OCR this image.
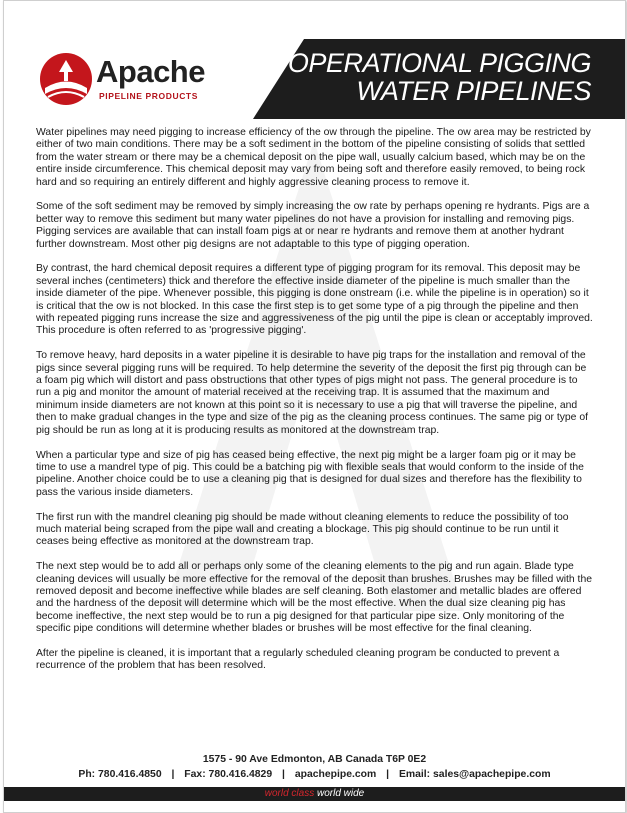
Apache
PIPELINE PRODUCTS
OPERATIONAL PIGGING
WATER PIPELINES

Water pipelines may need pigging to increase efficiency of the ow through the pipeline. The ow area may be restricted by either of two main conditions. There may be a soft sediment in the bottom of the pipeline consisting of solids that settled from the water stream or there may be a chemical deposit on the pipe wall, usually calcium based, which may be on the entire inside circumference. This chemical deposit may vary from being soft and therefore easily removed, to being rock hard and so requiring an entirely different and highly aggressive cleaning process to remove it.

Some of the soft sediment may be removed by simply increasing the ow rate by perhaps opening re hydrants. Pigs are a better way to remove this sediment but many water pipelines do not have a provision for installing and removing pigs. Pigging services are available that can install foam pigs at or near re hydrants and remove them at another hydrant further downstream. Most other pig designs are not adaptable to this type of pigging operation.

By contrast, the hard chemical deposit requires a different type of pigging program for its removal. This deposit may be several inches (centimeters) thick and therefore the effective inside diameter of the pipeline is much smaller than the inside diameter of the pipe. Whenever possible, this pigging is done onstream (i.e. while the pipeline is in operation) so it is critical that the ow is not blocked. In this case the first step is to get some type of a pig through the pipeline and then with repeated pigging runs increase the size and aggressiveness of the pig until the pipe is clean or acceptably improved. This procedure is often referred to as 'progressive pigging'.

To remove heavy, hard deposits in a water pipeline it is desirable to have pig traps for the installation and removal of the pigs since several pigging runs will be required. To help determine the severity of the deposit the first pig through can be a foam pig which will distort and pass obstructions that other types of pigs might not pass. The general procedure is to run a pig and monitor the amount of material received at the receiving trap. It is assumed that the maximum and minimum inside diameters are not known at this point so it is necessary to use a pig that will traverse the pipeline, and then to make gradual changes in the type and size of the pig as the cleaning process continues. The same pig or type of pig should be run as long at it is producing results as monitored at the downstream trap.

When a particular type and size of pig has ceased being effective, the next pig might be a larger foam pig or it may be time to use a mandrel type of pig. This could be a batching pig with flexible seals that would conform to the inside of the pipeline. Another choice could be to use a cleaning pig that is designed for dual sizes and therefore has the flexibility to pass the various inside diameters.

The first run with the mandrel cleaning pig should be made without cleaning elements to reduce the possibility of too much material being scraped from the pipe wall and creating a blockage. This pig should continue to be run until it ceases being effective as monitored at the downstream trap.

The next step would be to add all or perhaps only some of the cleaning elements to the pig and run again. Blade type cleaning devices will usually be more effective for the removal of the deposit than brushes. Brushes may be filled with the removed deposit and become ineffective while blades are self cleaning. Both elastomer and metallic blades are offered and the hardness of the deposit will determine which will be the most effective. When the dual size cleaning pig has become ineffective, the next step would be to run a pig designed for that particular pipe size. Only monitoring of the specific pipe conditions will determine whether blades or brushes will be most effective for the final cleaning.

After the pipeline is cleaned, it is important that a regularly scheduled cleaning program be conducted to prevent a recurrence of the problem that has been resolved.

1575 - 90 Ave Edmonton, AB Canada T6P 0E2
Ph: 780.416.4850 | Fax: 780.416.4829 | apachepipe.com | Email: sales@apachepipe.com
world class world wide
